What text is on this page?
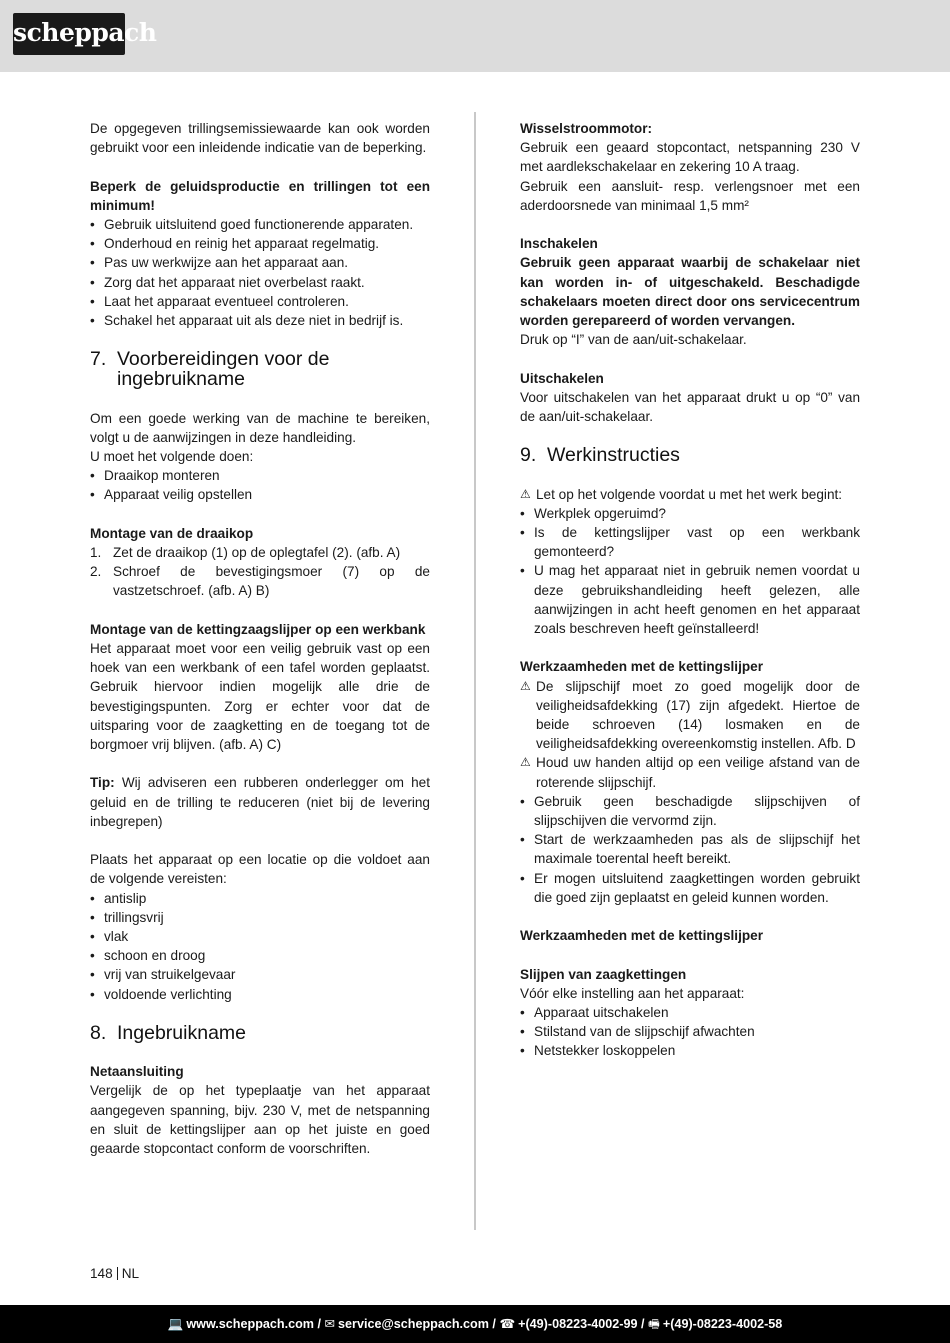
scheppach

De opgegeven trillingsemissiewaarde kan ook worden gebruikt voor een inleidende indicatie van de beperking.

Beperk de geluidsproductie en trillingen tot een minimum!

• Gebruik uitsluitend goed functionerende apparaten.
• Onderhoud en reinig het apparaat regelmatig.
• Pas uw werkwijze aan het apparaat aan.
• Zorg dat het apparaat niet overbelast raakt.
• Laat het apparaat eventueel controleren.
• Schakel het apparaat uit als deze niet in bedrijf is.
7. Voorbereidingen voor de ingebruikname

Om een goede werking van de machine te bereiken, volgt u de aanwijzingen in deze handleiding.

U moet het volgende doen:

• Draaikop monteren
• Apparaat veilig opstellen

Montage van de draaikop

1. Zet de draaikop (1) op de oplegtafel (2). (afb. A)
2. Schroef de bevestigingsmoer (7) op de vastzetschroef. (afb. A) B)

Montage van de kettingzaagslijper op een werkbank

Het apparaat moet voor een veilig gebruik vast op een hoek van een werkbank of een tafel worden geplaatst. Gebruik hiervoor indien mogelijk alle drie de bevestigingspunten. Zorg er echter voor dat de uitsparing voor de zaagketting en de toegang tot de borgmoer vrij blijven. (afb. A) C)

Tip: Wij adviseren een rubberen onderlegger om het geluid en de trilling te reduceren (niet bij de levering inbegrepen)

Plaats het apparaat op een locatie op die voldoet aan de volgende vereisten:

• antislip
• trillingsvrij
• vlak
• schoon en droog
• vrij van struikelgevaar
• voldoende verlichting
8. Ingebruikname

Netaansluiting

Vergelijk de op het typeplaatje van het apparaat aangegeven spanning, bijv. 230 V, met de netspanning en sluit de kettingslijper aan op het juiste en goed geaarde stopcontact conform de voorschriften.

Wisselstroommotor:

Gebruik een geaard stopcontact, netspanning 230 V met aardlekschakelaar en zekering 10 A traag.

Gebruik een aansluit- resp. verlengsnoer met een aderdoorsnede van minimaal 1,5 mm²

Inschakelen

Gebruik geen apparaat waarbij de schakelaar niet kan worden in- of uitgeschakeld. Beschadigde schakelaars moeten direct door ons servicecentrum worden gerepareerd of worden vervangen.

Druk op “I” van de aan/uit-schakelaar.

Uitschakelen

Voor uitschakelen van het apparaat drukt u op “0” van de aan/uit-schakelaar.

9. Werkinstructies

⚠ Let op het volgende voordat u met het werk begint:

• Werkplek opgeruimd?
• Is de kettingslijper vast op een werkbank gemonteerd?
• U mag het apparaat niet in gebruik nemen voordat u deze gebruikshandleiding heeft gelezen, alle aanwijzingen in acht heeft genomen en het apparaat zoals beschreven heeft geïnstalleerd!

Werkzaamheden met de kettingslijper

⚠ De slijpschijf moet zo goed mogelijk door de veiligheidsafdekking (17) zijn afgedekt. Hiertoe de beide schroeven (14) losmaken en de veiligheidsafdekking overeenkomstig instellen. Afb. D

⚠ Houd uw handen altijd op een veilige afstand van de roterende slijpschijf.

• Gebruik geen beschadigde slijpschijven of slijpschijven die vervormd zijn.
• Start de werkzaamheden pas als de slijpschijf het maximale toerental heeft bereikt.
• Er mogen uitsluitend zaagkettingen worden gebruikt die goed zijn geplaatst en geleid kunnen worden.

Werkzaamheden met de kettingslijper

Slijpen van zaagkettingen

Vóór elke instelling aan het apparaat:

• Apparaat uitschakelen
• Stilstand van de slijpschijf afwachten
• Netstekker loskoppelen
148 NL
💻 www.scheppach.com / ✉ service@scheppach.com / ☎ +(49)-08223-4002-99 / 🖷 +(49)-08223-4002-58
